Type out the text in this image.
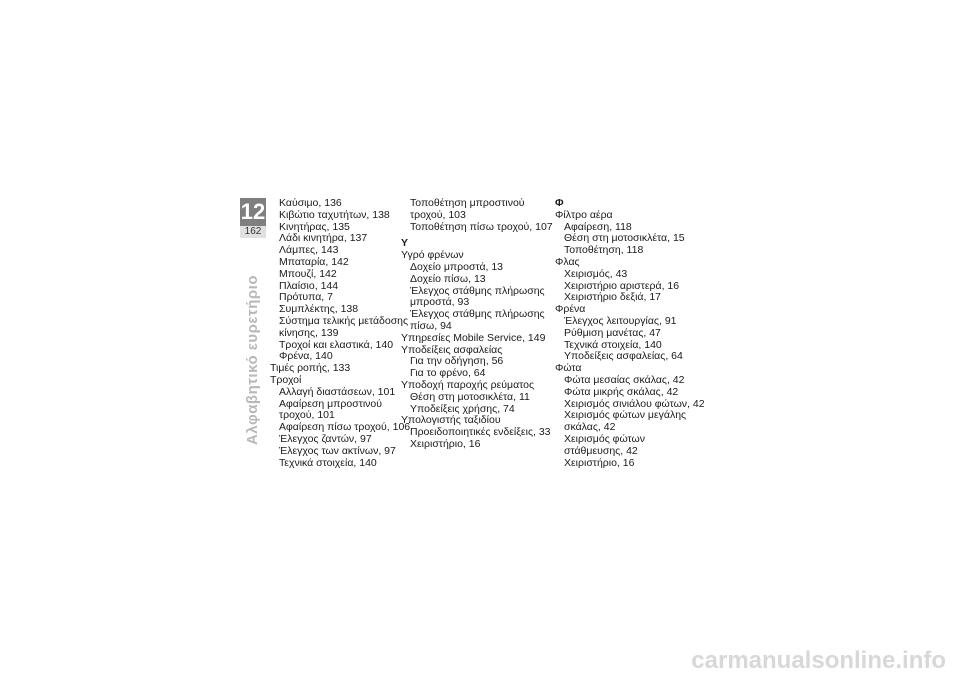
12
162
Αλφαβητικό ευρετήριο
Καύσιμο, 136
Κιβώτιο ταχυτήτων, 138
Κινητήρας, 135
Λάδι κινητήρα, 137
Λάμπες, 143
Μπαταρία, 142
Μπουζί, 142
Πλαίσιο, 144
Πρότυπα, 7
Συμπλέκτης, 138
Σύστημα τελικής μετάδοσης
κίνησης, 139
Τροχοί και ελαστικά, 140
Φρένα, 140
Τιμές ροπής, 133
Τροχοί
Αλλαγή διαστάσεων, 101
Αφαίρεση μπροστινού
τροχού, 101
Αφαίρεση πίσω τροχού, 106
Έλεγχος ζαντών, 97
Έλεγχος των ακτίνων, 97
Τεχνικά στοιχεία, 140
Τοποθέτηση μπροστινού
τροχού, 103
Τοποθέτηση πίσω τροχού, 107
Υ
Υγρό φρένων
Δοχείο μπροστά, 13
Δοχείο πίσω, 13
Έλεγχος στάθμης πλήρωσης
μπροστά, 93
Έλεγχος στάθμης πλήρωσης
πίσω, 94
Υπηρεσίες Mobile Service, 149
Υποδείξεις ασφαλείας
Για την οδήγηση, 56
Για το φρένο, 64
Υποδοχή παροχής ρεύματος
Θέση στη μοτοσικλέτα, 11
Υποδείξεις χρήσης, 74
Υπολογιστής ταξιδίου
Προειδοποιητικές ενδείξεις, 33
Χειριστήριο, 16
Φ
Φίλτρο αέρα
Αφαίρεση, 118
Θέση στη μοτοσικλέτα, 15
Τοποθέτηση, 118
Φλας
Χειρισμός, 43
Χειριστήριο αριστερά, 16
Χειριστήριο δεξιά, 17
Φρένα
Έλεγχος λειτουργίας, 91
Ρύθμιση μανέτας, 47
Τεχνικά στοιχεία, 140
Υποδείξεις ασφαλείας, 64
Φώτα
Φώτα μεσαίας σκάλας, 42
Φώτα μικρής σκάλας, 42
Χειρισμός σινιάλου φώτων, 42
Χειρισμός φώτων μεγάλης
σκάλας, 42
Χειρισμός φώτων
στάθμευσης, 42
Χειριστήριο, 16
carmanualsonline.info
